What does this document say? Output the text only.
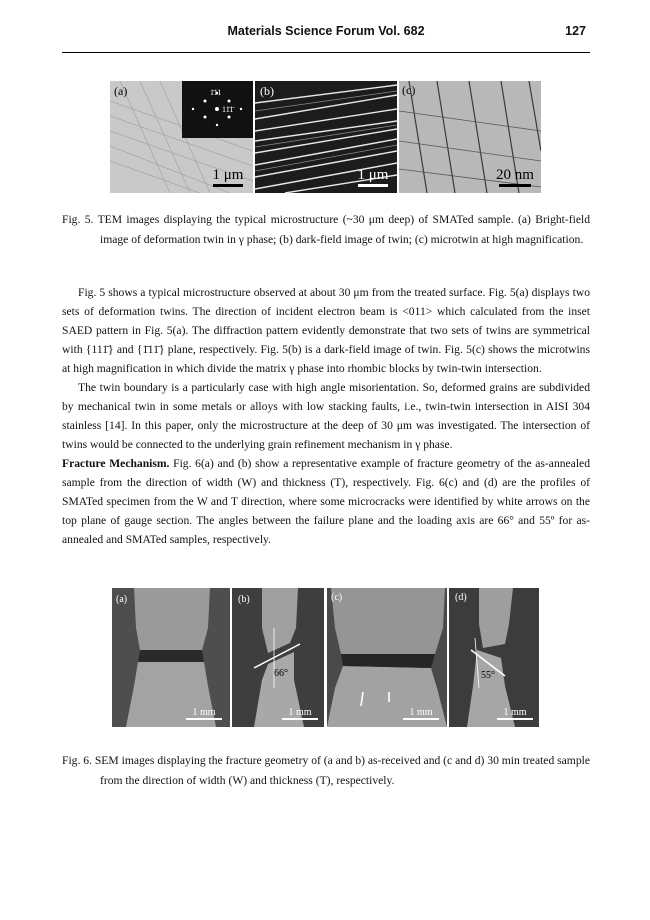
Materials Science Forum Vol. 682	127
(a)	1̄11
11̄1̄
1 μm
(b)
1 μm
(c)
20 nm
Fig. 5. TEM images displaying the typical microstructure (~30 μm deep) of SMATed sample. (a) Bright-field image of deformation twin in γ phase; (b) dark-field image of twin; (c) microtwin at high magnification.

Fig. 5 shows a typical microstructure observed at about 30 μm from the treated surface. Fig. 5(a) displays two sets of deformation twins. The direction of incident electron beam is <011> which calculated from the inset SAED pattern in Fig. 5(a). The diffraction pattern evidently demonstrate that two sets of twins are symmetrical with {111̄} and {1̄11̄} plane, respectively. Fig. 5(b) is a dark-field image of twin. Fig. 5(c) shows the microtwins at high magnification in which divide the matrix γ phase into rhombic blocks by twin-twin intersection.

The twin boundary is a particularly case with high angle misorientation. So, deformed grains are subdivided by mechanical twin in some metals or alloys with low stacking faults, i.e., twin-twin intersection in AISI 304 stainless [14]. In this paper, only the microstructure at the deep of 30 μm was investigated. The intersection of twins would be connected to the underlying grain refinement mechanism in γ phase.

Fracture Mechanism. Fig. 6(a) and (b) show a representative example of fracture geometry of the as-annealed sample from the direction of width (W) and thickness (T), respectively. Fig. 6(c) and (d) are the profiles of SMATed specimen from the W and T direction, where some microcracks were identified by white arrows on the top plane of gauge section. The angles between the failure plane and the loading axis are 66° and 55º for as-annealed and SMATed samples, respectively.

(a)
1 mm
(b)
66°
1 mm
(c)
1 mm
(d)
55°
1 mm
Fig. 6. SEM images displaying the fracture geometry of (a and b) as-received and (c and d) 30 min treated sample from the direction of width (W) and thickness (T), respectively.
